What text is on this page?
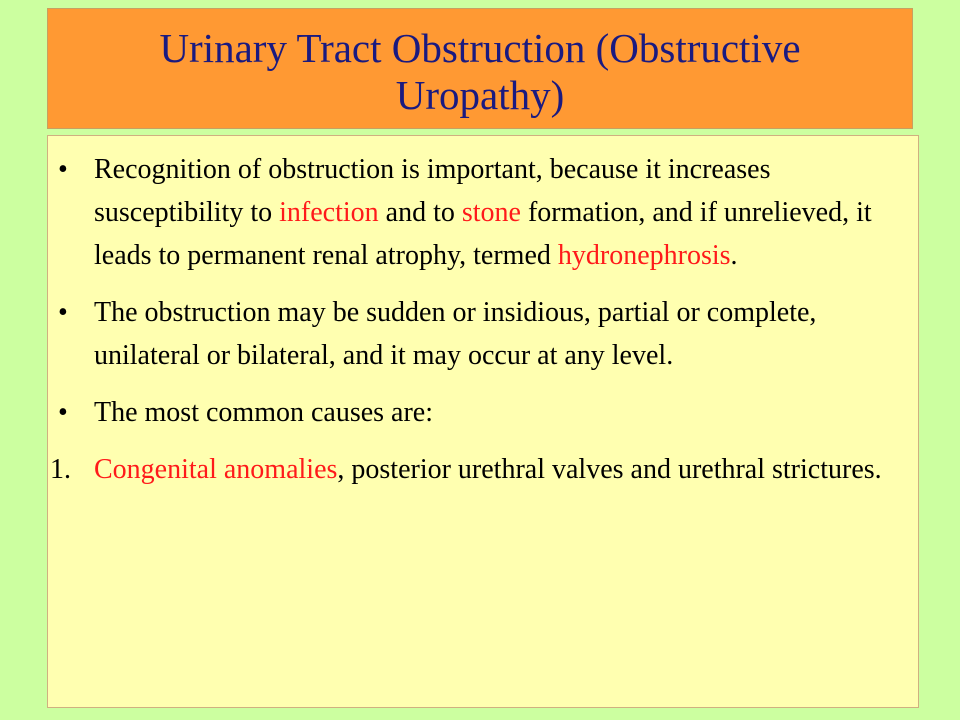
Urinary Tract Obstruction (Obstructive
Uropathy)
• Recognition of obstruction is important, because it increases susceptibility to infection and to stone formation, and if unrelieved, it leads to permanent renal atrophy, termed hydronephrosis.
• The obstruction may be sudden or insidious, partial or complete, unilateral or bilateral, and it may occur at any level.
• The most common causes are:
1. Congenital anomalies, posterior urethral valves and urethral strictures.
